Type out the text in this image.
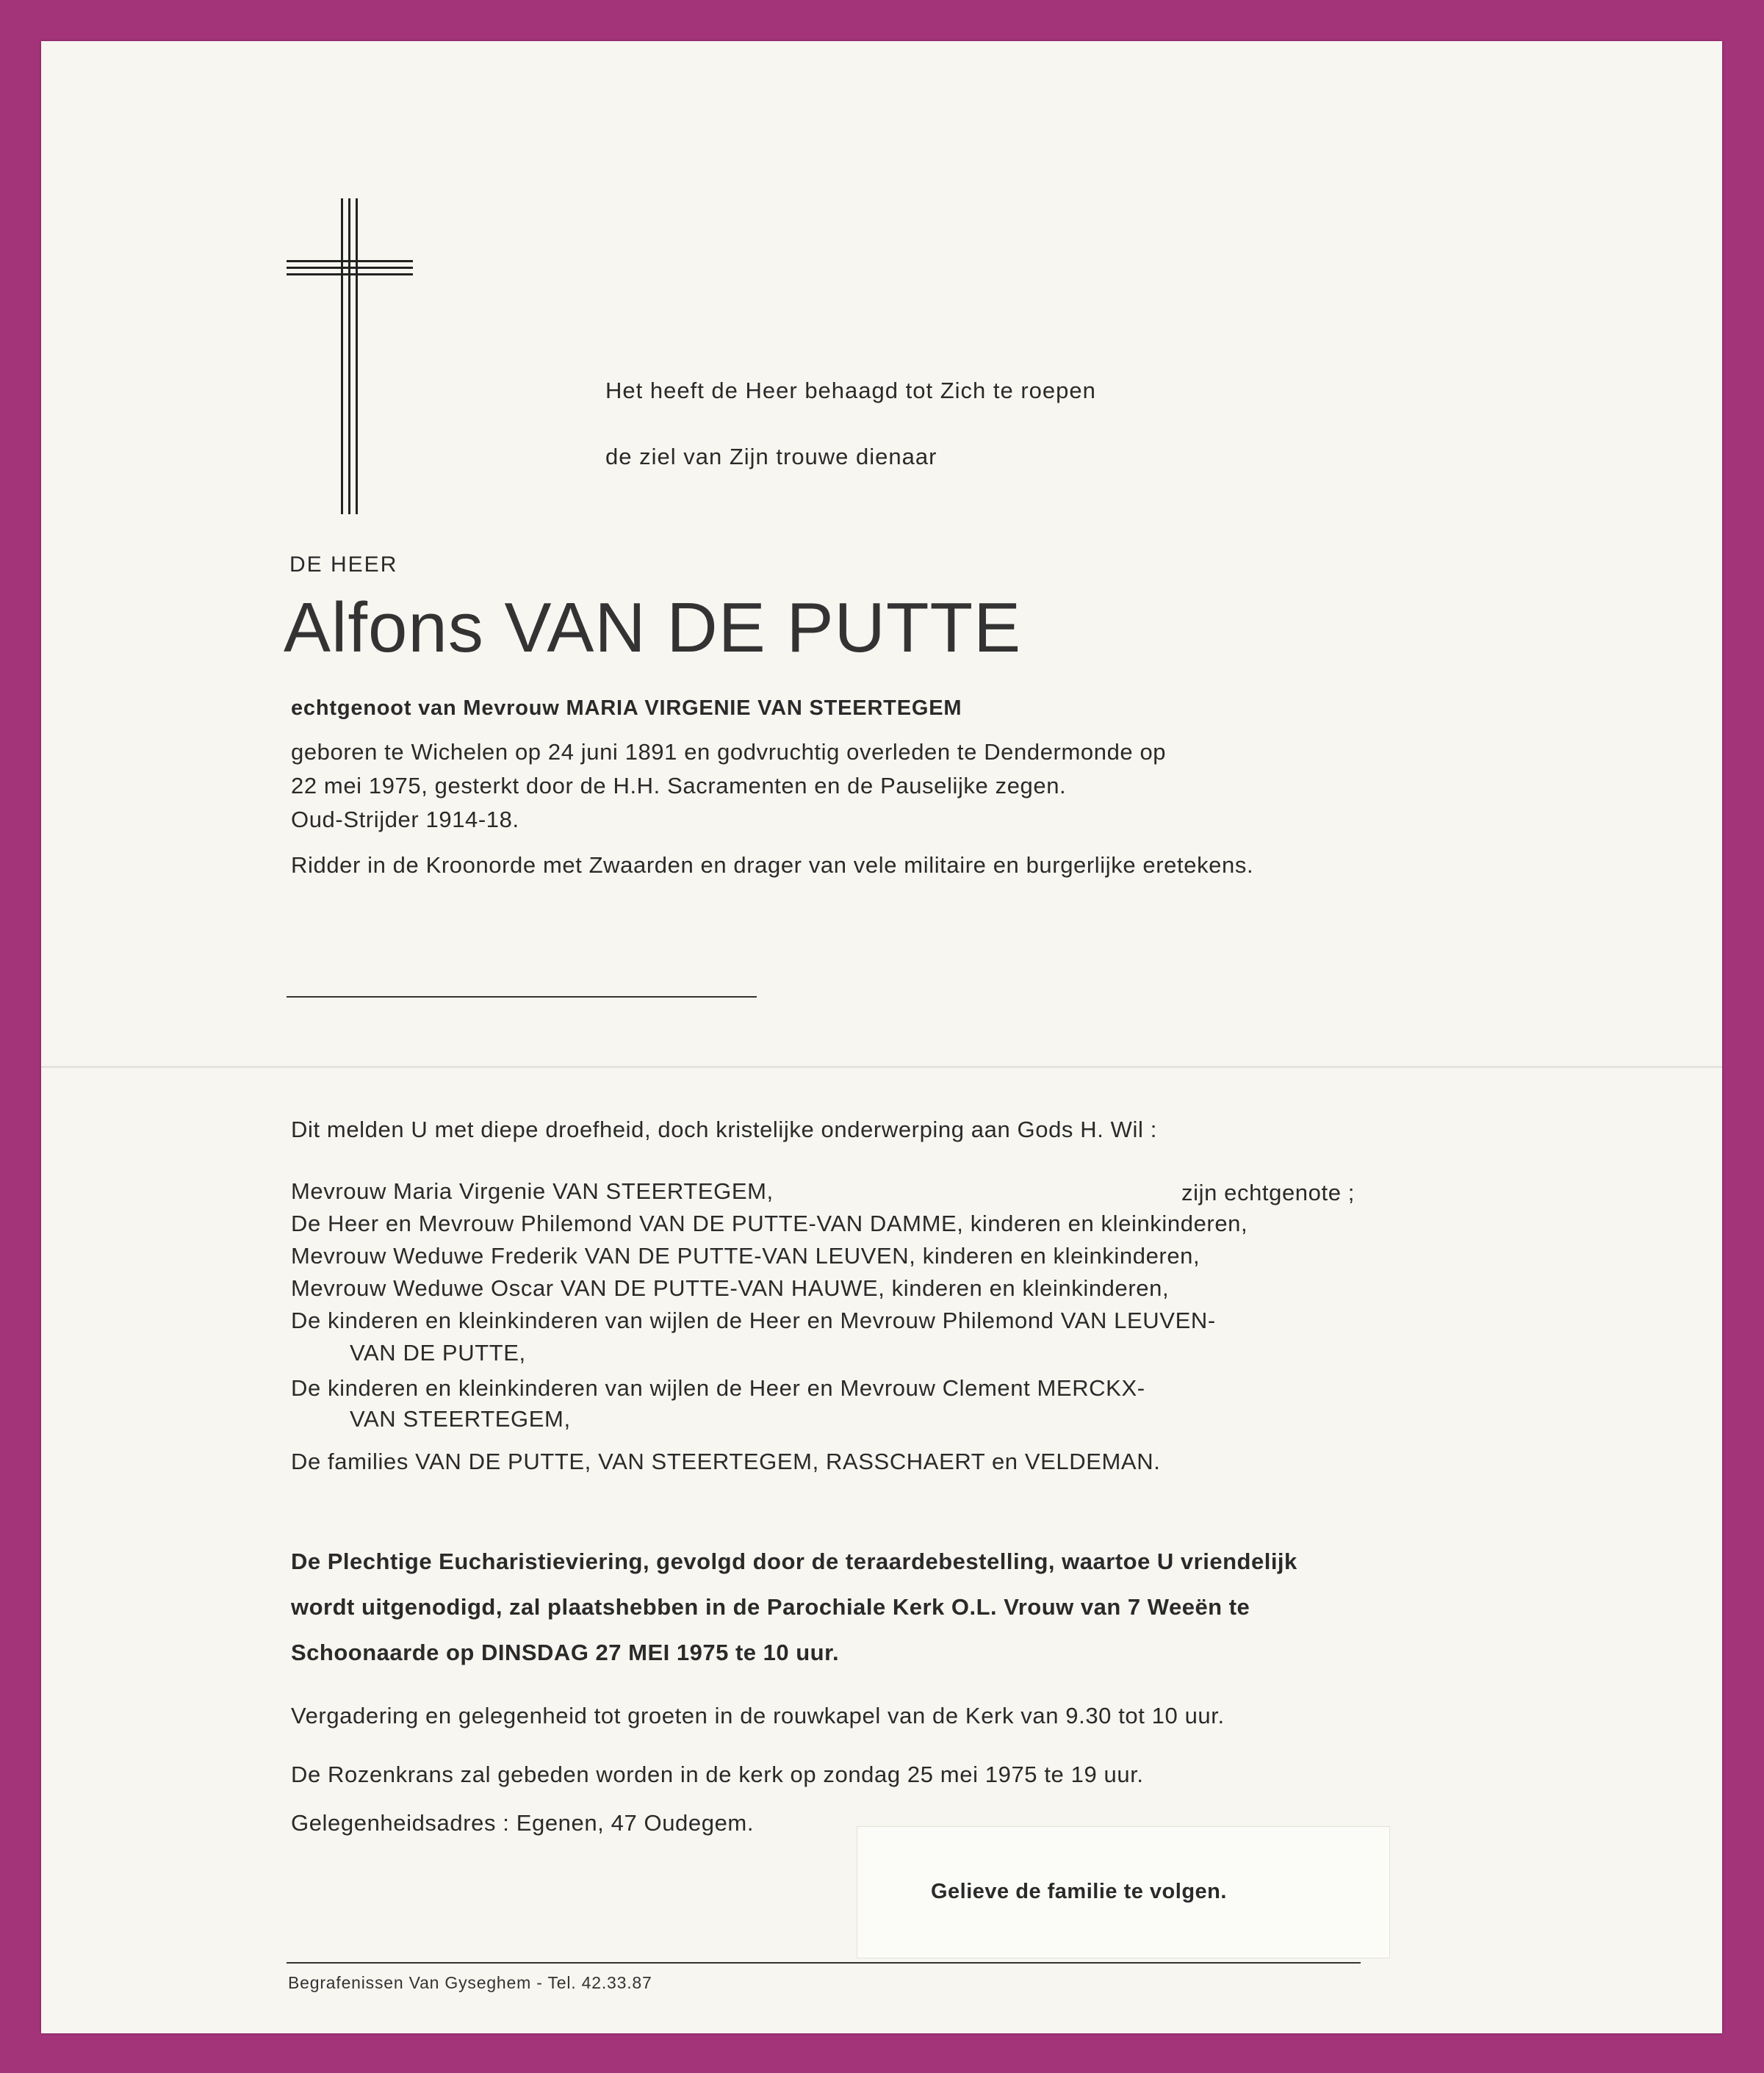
Het heeft de Heer behaagd tot Zich te roepen
de ziel van Zijn trouwe dienaar
DE HEER
Alfons VAN DE PUTTE
echtgenoot van Mevrouw MARIA VIRGENIE VAN STEERTEGEM
geboren te Wichelen op 24 juni 1891 en godvruchtig overleden te Dendermonde op
22 mei 1975, gesterkt door de H.H. Sacramenten en de Pauselijke zegen.
Oud-Strijder 1914-18.
Ridder in de Kroonorde met Zwaarden en drager van vele militaire en burgerlijke eretekens.
Dit melden U met diepe droefheid, doch kristelijke onderwerping aan Gods H. Wil :
Mevrouw Maria Virgenie VAN STEERTEGEM,	zijn echtgenote ;
De Heer en Mevrouw Philemond VAN DE PUTTE-VAN DAMME, kinderen en kleinkinderen,
Mevrouw Weduwe Frederik VAN DE PUTTE-VAN LEUVEN, kinderen en kleinkinderen,
Mevrouw Weduwe Oscar VAN DE PUTTE-VAN HAUWE, kinderen en kleinkinderen,
De kinderen en kleinkinderen van wijlen de Heer en Mevrouw Philemond VAN LEUVEN-
VAN DE PUTTE,
De kinderen en kleinkinderen van wijlen de Heer en Mevrouw Clement MERCKX-
VAN STEERTEGEM,
De families VAN DE PUTTE, VAN STEERTEGEM, RASSCHAERT en VELDEMAN.
De Plechtige Eucharistieviering, gevolgd door de teraardebestelling, waartoe U vriendelijk
wordt uitgenodigd, zal plaatshebben in de Parochiale Kerk O.L. Vrouw van 7 Weeën te
Schoonaarde op DINSDAG 27 MEI 1975 te 10 uur.
Vergadering en gelegenheid tot groeten in de rouwkapel van de Kerk van 9.30 tot 10 uur.
De Rozenkrans zal gebeden worden in de kerk op zondag 25 mei 1975 te 19 uur.
Gelegenheidsadres : Egenen, 47 Oudegem.
Gelieve de familie te volgen.
Begrafenissen Van Gyseghem - Tel. 42.33.87
